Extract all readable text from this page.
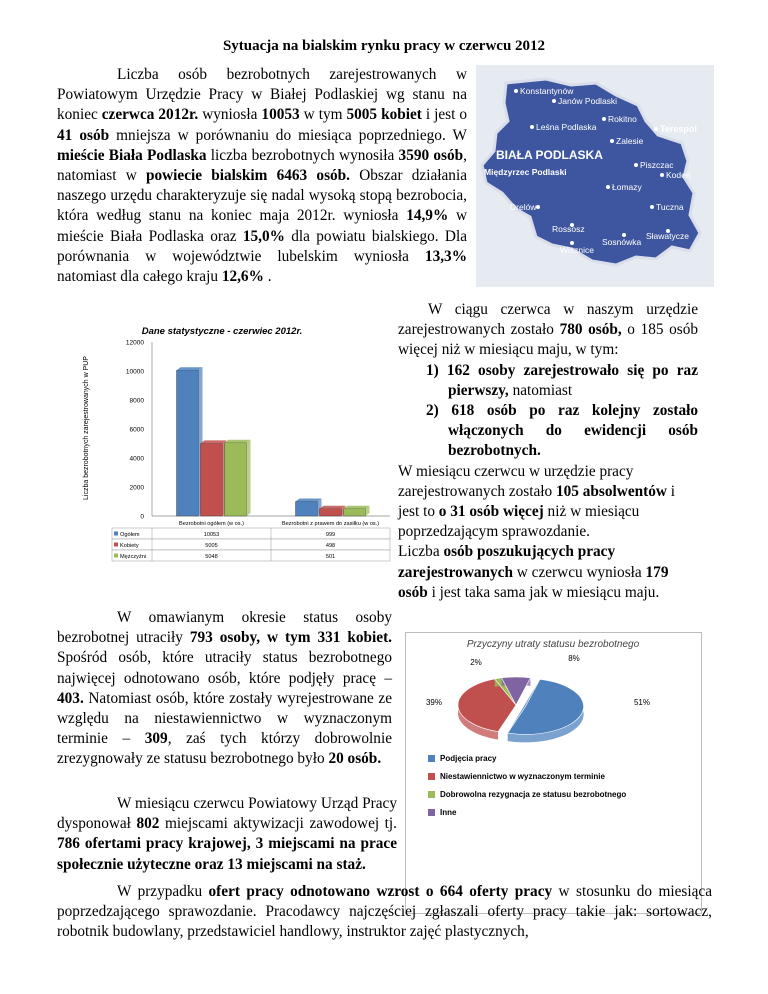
Sytuacja na bialskim rynku pracy w czerwcu 2012
Liczba osób bezrobotnych zarejestrowanych w Powiatowym Urzędzie Pracy w Białej Podlaskiej wg stanu na koniec czerwca 2012r. wyniosła 10053 w tym 5005 kobiet i jest o 41 osób mniejsza w porównaniu do miesiąca poprzedniego. W mieście Biała Podlaska liczba bezrobotnych wynosiła 3590 osób, natomiast w powiecie bialskim 6463 osób. Obszar działania naszego urzędu charakteryzuje się nadal wysoką stopą bezrobocia, która według stanu na koniec maja 2012r. wyniosła 14,9% w mieście Biała Podlaska oraz 15,0% dla powiatu bialskiego. Dla porównania w województwie lubelskim wyniosła 13,3% natomiast dla całego kraju 12,6% .
Konstantynów
Janów Podlaski
Rokitno
Leśna Podlaska	Terespol
Zalesie
BIAŁA PODLASKA
Międzyrzec Podlaski
Piszczac
Kodeń
Łomazy
Drelów	Tuczna
Sosnówka
Rossosz
Sławatycze
Wisznice
W ciągu czerwca w naszym urzędzie zarejestrowanych zostało 780 osób, o 185 osób więcej niż w miesiącu maju, w tym:
1) 162 osoby zarejestrowało się po raz pierwszy, natomiast
2) 618 osób po raz kolejny zostało włączonych do ewidencji osób bezrobotnych.
W miesiącu czerwcu w urzędzie pracy zarejestrowanych zostało 105 absolwentów i jest to o 31 osób więcej niż w miesiącu poprzedzającym sprawozdanie.
Liczba osób poszukujących pracy zarejestrowanych w czerwcu wyniosła 179 osób i jest taka sama jak w miesiącu maju.
Dane statystyczne - czerwiec 2012r.
Liczba bezrobotnych zarejestrowanych w PUP
0
2000
4000
6000
8000
10000
12000
Bezrobotni ogółem (w os.)	Bezrobotni z prawem do zasiłku (w os.)
Ogółem	10053	999
Kobiety	5005	498
Mężczyźni	5048	501
W omawianym okresie status osoby bezrobotnej utraciły 793 osoby, w tym 331 kobiet. Spośród osób, które utraciły status bezrobotnego najwięcej odnotowano osób, które podjęły pracę – 403. Natomiast osób, które zostały wyrejestrowane ze względu na niestawiennictwo w wyznaczonym terminie – 309, zaś tych którzy dobrowolnie zrezygnowały ze statusu bezrobotnego było 20 osób.
Przyczyny utraty statusu bezrobotnego
51%
39%
2%	8%
Podjęcia pracy
Niestawiennictwo w wyznaczonym terminie
Dobrowolna rezygnacja ze statusu bezrobotnego
Inne
W miesiącu czerwcu Powiatowy Urząd Pracy dysponował 802 miejscami aktywizacji zawodowej tj. 786 ofertami pracy krajowej, 3 miejscami na prace społecznie użyteczne oraz 13 miejscami na staż.
W przypadku ofert pracy odnotowano wzrost o 664 oferty pracy w stosunku do miesiąca poprzedzającego sprawozdanie. Pracodawcy najczęściej zgłaszali oferty pracy takie jak: sortowacz, robotnik budowlany, przedstawiciel handlowy, instruktor zajęć plastycznych,
